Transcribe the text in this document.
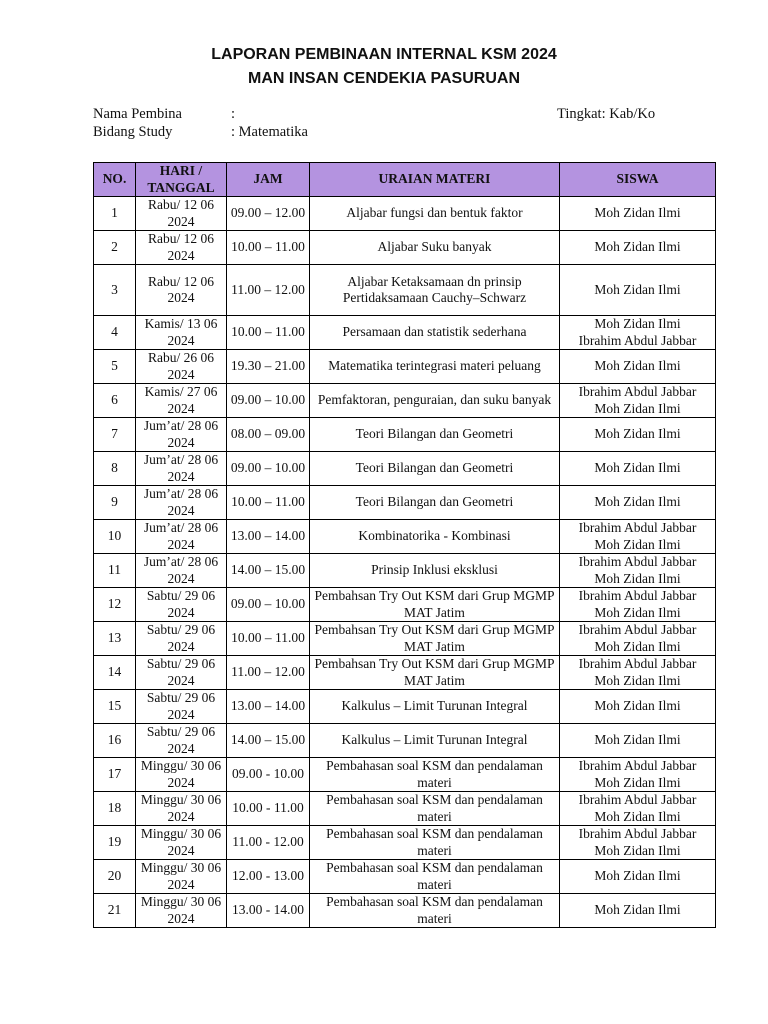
LAPORAN PEMBINAAN INTERNAL KSM 2024
MAN INSAN CENDEKIA PASURUAN
Nama Pembina	:	Tingkat: Kab/Ko
Bidang Study	: Matematika
NO.	HARI / TANGGAL	JAM	URAIAN MATERI	SISWA
1	Rabu/ 12 06 2024	09.00 – 12.00	Aljabar fungsi dan bentuk faktor	Moh Zidan Ilmi

2	Rabu/ 12 06 2024	10.00 – 11.00	Aljabar Suku banyak	Moh Zidan Ilmi

3	Rabu/ 12 06 2024	11.00 – 12.00	Aljabar Ketaksamaan dn prinsip
Pertidaksamaan Cauchy–Schwarz	Moh Zidan Ilmi

4	Kamis/ 13 06 2024	10.00 – 11.00	Persamaan dan statistik sederhana	Moh Zidan Ilmi
Ibrahim Abdul Jabbar

5	Rabu/ 26 06 2024	19.30 – 21.00	Matematika terintegrasi materi peluang	Moh Zidan Ilmi

6	Kamis/ 27 06 2024	09.00 – 10.00	Pemfaktoran, penguraian, dan suku banyak	Ibrahim Abdul Jabbar
Moh Zidan Ilmi

7	Jum’at/ 28 06 2024	08.00 – 09.00	Teori Bilangan dan Geometri	Moh Zidan Ilmi

8	Jum’at/ 28 06 2024	09.00 – 10.00	Teori Bilangan dan Geometri	Moh Zidan Ilmi

9	Jum’at/ 28 06 2024	10.00 – 11.00	Teori Bilangan dan Geometri	Moh Zidan Ilmi

10	Jum’at/ 28 06 2024	13.00 – 14.00	Kombinatorika - Kombinasi	Ibrahim Abdul Jabbar
Moh Zidan Ilmi

11	Jum’at/ 28 06 2024	14.00 – 15.00	Prinsip Inklusi eksklusi	Ibrahim Abdul Jabbar
Moh Zidan Ilmi

12	Sabtu/ 29 06 2024	09.00 – 10.00	Pembahsan Try Out KSM dari Grup MGMP MAT Jatim	Ibrahim Abdul Jabbar
Moh Zidan Ilmi

13	Sabtu/ 29 06 2024	10.00 – 11.00	Pembahsan Try Out KSM dari Grup MGMP MAT Jatim	Ibrahim Abdul Jabbar
Moh Zidan Ilmi

14	Sabtu/ 29 06 2024	11.00 – 12.00	Pembahsan Try Out KSM dari Grup MGMP MAT Jatim	Ibrahim Abdul Jabbar
Moh Zidan Ilmi

15	Sabtu/ 29 06 2024	13.00 – 14.00	Kalkulus – Limit Turunan Integral	Moh Zidan Ilmi

16	Sabtu/ 29 06 2024	14.00 – 15.00	Kalkulus – Limit Turunan Integral	Moh Zidan Ilmi

17	Minggu/ 30 06 2024	09.00 - 10.00	Pembahasan soal KSM dan pendalaman materi	Ibrahim Abdul Jabbar
Moh Zidan Ilmi

18	Minggu/ 30 06 2024	10.00 - 11.00	Pembahasan soal KSM dan pendalaman materi	Ibrahim Abdul Jabbar
Moh Zidan Ilmi

19	Minggu/ 30 06 2024	11.00 - 12.00	Pembahasan soal KSM dan pendalaman materi	Ibrahim Abdul Jabbar
Moh Zidan Ilmi

20	Minggu/ 30 06 2024	12.00 - 13.00	Pembahasan soal KSM dan pendalaman materi	Moh Zidan Ilmi

21	Minggu/ 30 06 2024	13.00 - 14.00	Pembahasan soal KSM dan pendalaman materi	Moh Zidan Ilmi
